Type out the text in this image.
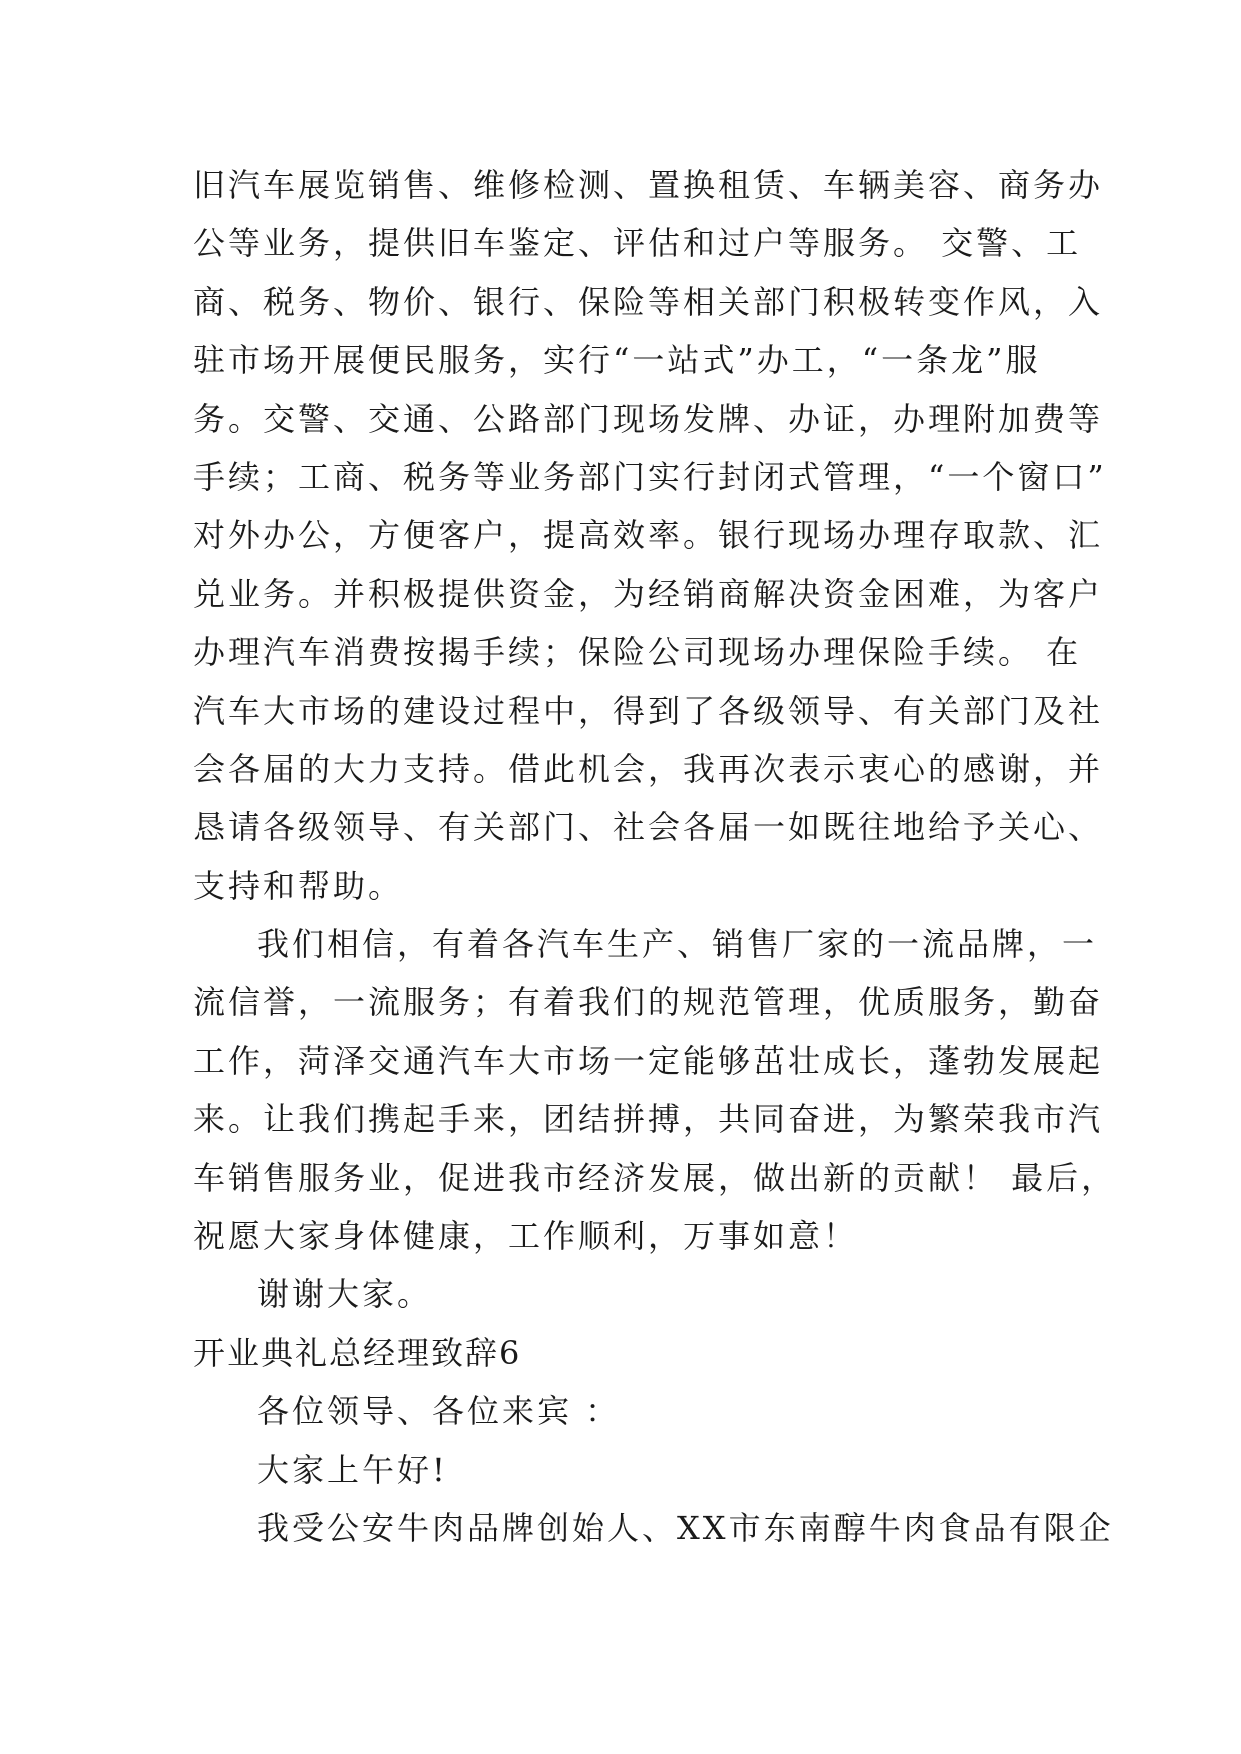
旧汽车展览销售、维修检测、置换租赁、车辆美容、商务办
公等业务，提供旧车鉴定、评估和过户等服务。 交警、工
商、税务、物价、银行、保险等相关部门积极转变作风，入
驻市场开展便民服务，实行“一站式”办工，“一条龙”服
务。交警、交通、公路部门现场发牌、办证，办理附加费等
手续；工商、税务等业务部门实行封闭式管理，“一个窗口”
对外办公，方便客户，提高效率。银行现场办理存取款、汇
兑业务。并积极提供资金，为经销商解决资金困难，为客户
办理汽车消费按揭手续；保险公司现场办理保险手续。 在
汽车大市场的建设过程中，得到了各级领导、有关部门及社
会各届的大力支持。借此机会，我再次表示衷心的感谢，并
恳请各级领导、有关部门、社会各届一如既往地给予关心、
支持和帮助。
我们相信，有着各汽车生产、销售厂家的一流品牌，一
流信誉，一流服务；有着我们的规范管理，优质服务，勤奋
工作，菏泽交通汽车大市场一定能够茁壮成长，蓬勃发展起
来。让我们携起手来，团结拼搏，共同奋进，为繁荣我市汽
车销售服务业，促进我市经济发展，做出新的贡献！ 最后，
祝愿大家身体健康，工作顺利，万事如意！
谢谢大家。
开业典礼总经理致辞6
各位领导、各位来宾 ：
大家上午好!
我受公安牛肉品牌创始人、XX市东南醇牛肉食品有限企
